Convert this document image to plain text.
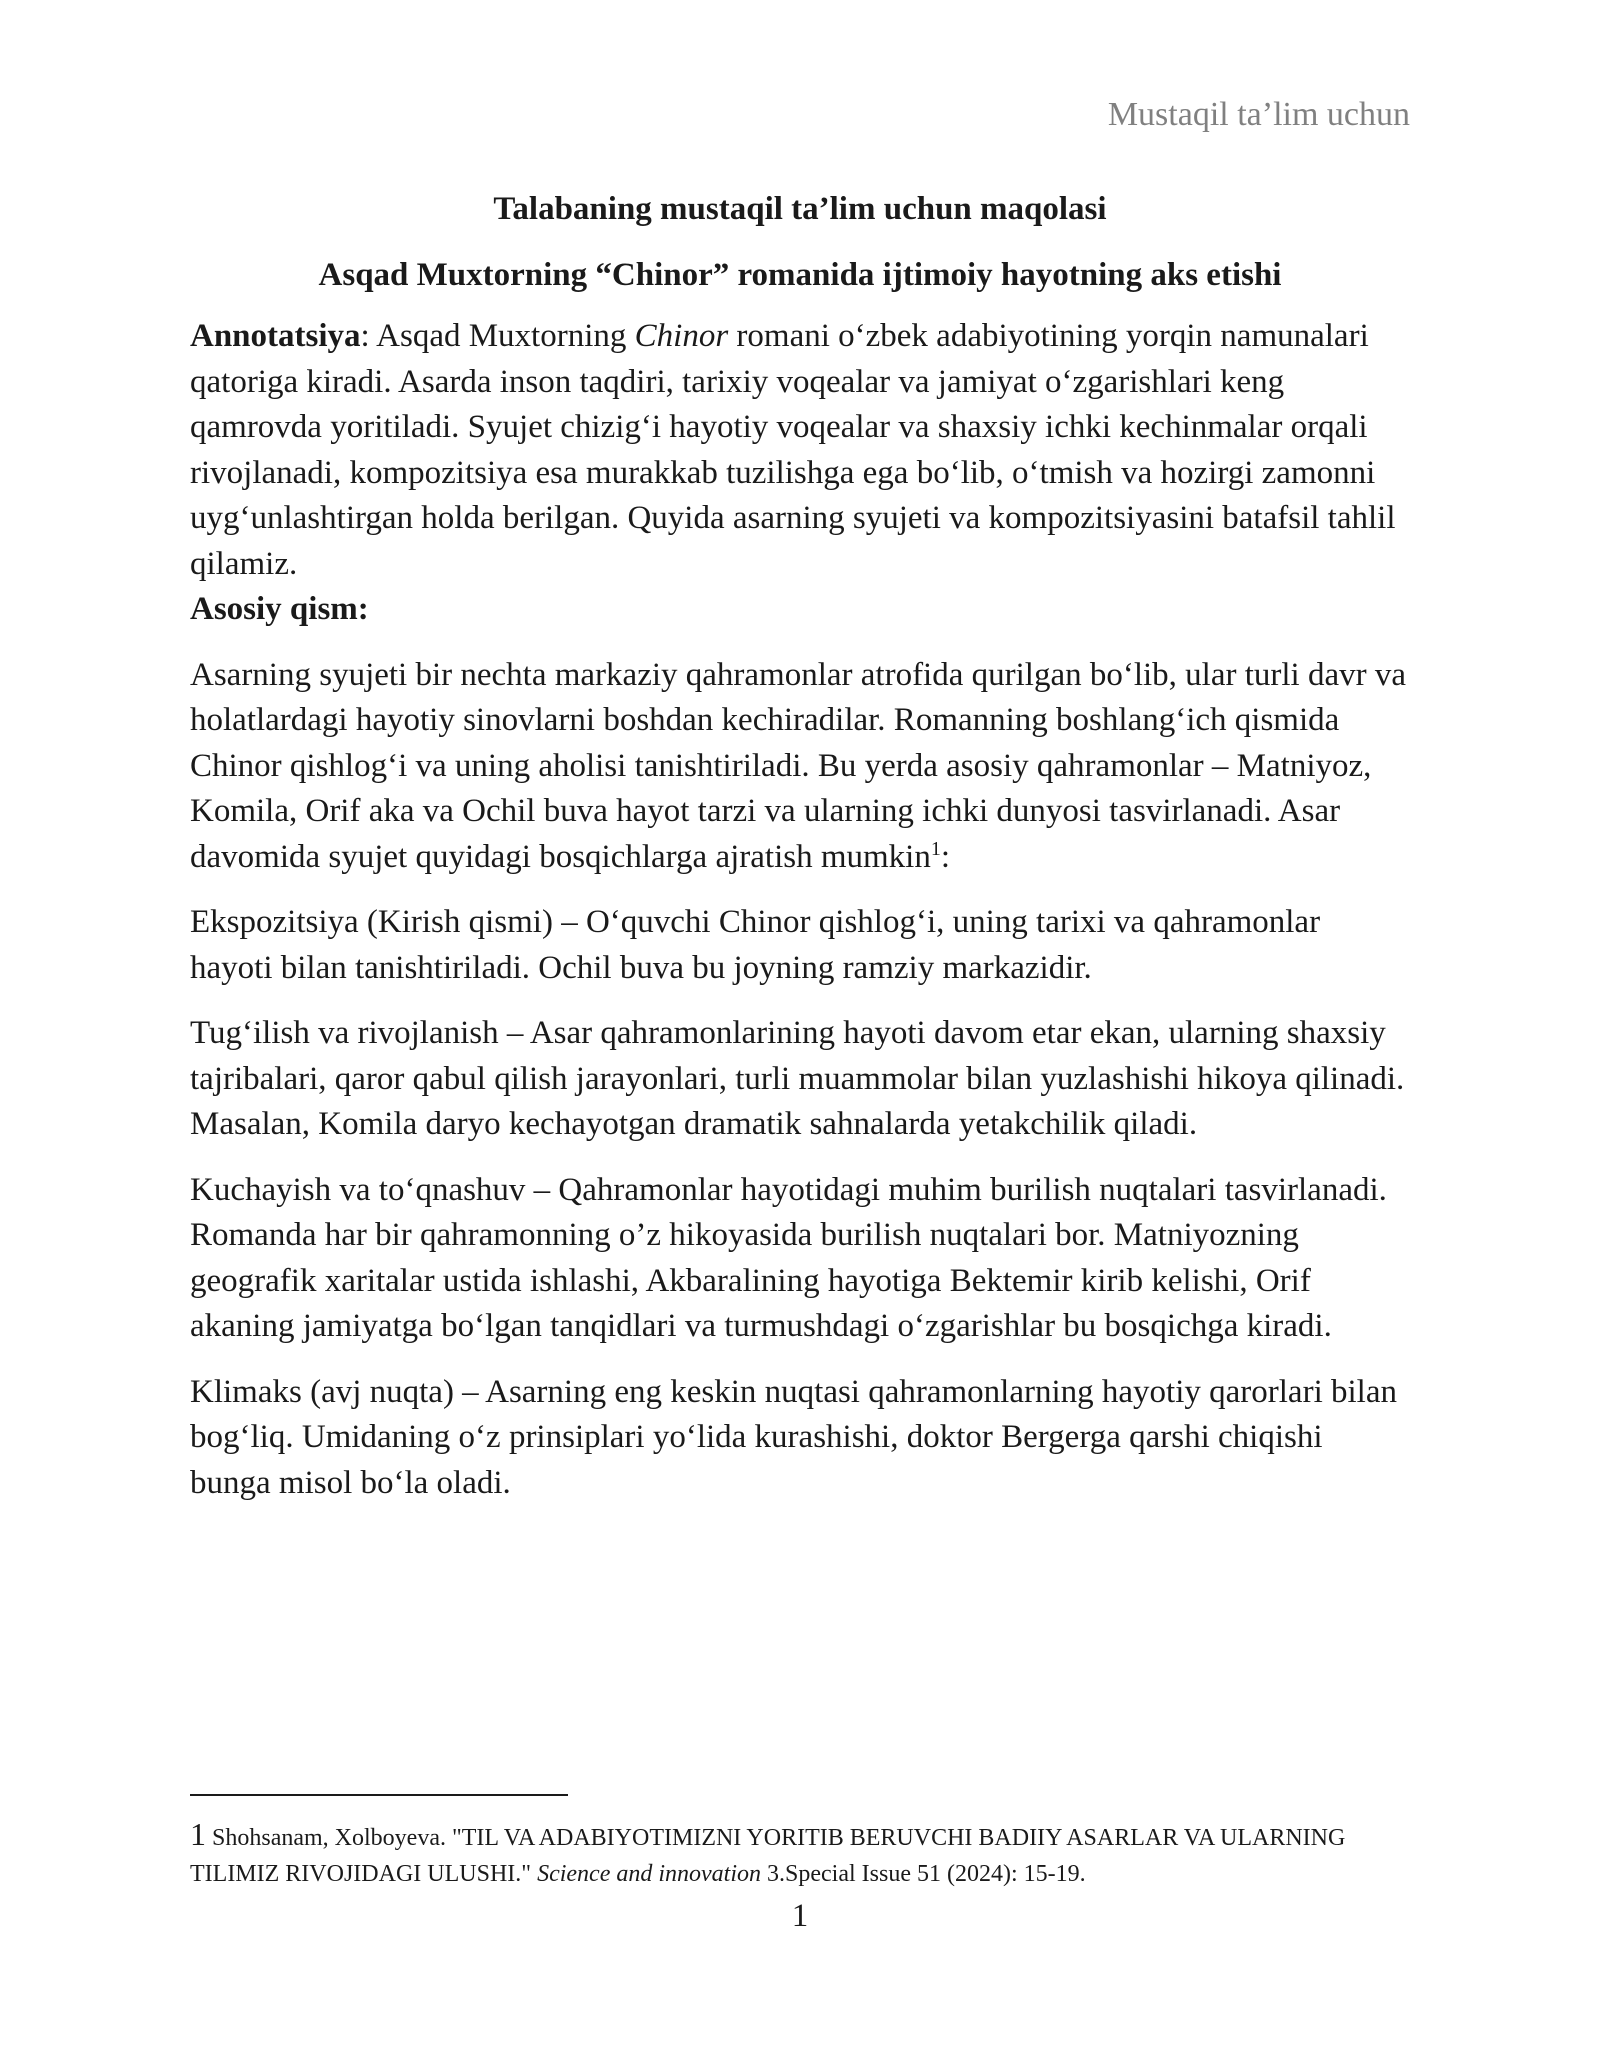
Mustaqil ta’lim uchun
Talabaning mustaqil ta’lim uchun maqolasi
Asqad Muxtorning “Chinor” romanida ijtimoiy hayotning aks etishi

Annotatsiya: Asqad Muxtorning Chinor romani oʻzbek adabiyotining yorqin namunalari qatoriga kiradi. Asarda inson taqdiri, tarixiy voqealar va jamiyat oʻzgarishlari keng qamrovda yoritiladi. Syujet chizigʻi hayotiy voqealar va shaxsiy ichki kechinmalar orqali rivojlanadi, kompozitsiya esa murakkab tuzilishga ega boʻlib, oʻtmish va hozirgi zamonni uygʻunlashtirgan holda berilgan. Quyida asarning syujeti va kompozitsiyasini batafsil tahlil qilamiz.

Asosiy qism:

Asarning syujeti bir nechta markaziy qahramonlar atrofida qurilgan boʻlib, ular turli davr va holatlardagi hayotiy sinovlarni boshdan kechiradilar. Romanning boshlangʻich qismida Chinor qishlogʻi va uning aholisi tanishtiriladi. Bu yerda asosiy qahramonlar – Matniyoz, Komila, Orif aka va Ochil buva hayot tarzi va ularning ichki dunyosi tasvirlanadi. Asar davomida syujet quyidagi bosqichlarga ajratish mumkin$^1$:

Ekspozitsiya (Kirish qismi) – Oʻquvchi Chinor qishlogʻi, uning tarixi va qahramonlar hayoti bilan tanishtiriladi. Ochil buva bu joyning ramziy markazidir.

Tugʻilish va rivojlanish – Asar qahramonlarining hayoti davom etar ekan, ularning shaxsiy tajribalari, qaror qabul qilish jarayonlari, turli muammolar bilan yuzlashishi hikoya qilinadi. Masalan, Komila daryo kechayotgan dramatik sahnalarda yetakchilik qiladi.

Kuchayish va toʻqnashuv – Qahramonlar hayotidagi muhim burilish nuqtalari tasvirlanadi. Romanda har bir qahramonning o’z hikoyasida burilish nuqtalari bor. Matniyozning geografik xaritalar ustida ishlashi, Akbaralining hayotiga Bektemir kirib kelishi, Orif akaning jamiyatga boʻlgan tanqidlari va turmushdagi oʻzgarishlar bu bosqichga kiradi.

Klimaks (avj nuqta) – Asarning eng keskin nuqtasi qahramonlarning hayotiy qarorlari bilan bogʻliq. Umidaning oʻz prinsiplari yoʻlida kurashishi, doktor Bergerga qarshi chiqishi bunga misol boʻla oladi.

1 Shohsanam, Xolboyeva. "TIL VA ADABIYOTIMIZNI YORITIB BERUVCHI BADIIY ASARLAR VA ULARNING TILIMIZ RIVOJIDAGI ULUSHI." Science and innovation 3.Special Issue 51 (2024): 15-19.
1
